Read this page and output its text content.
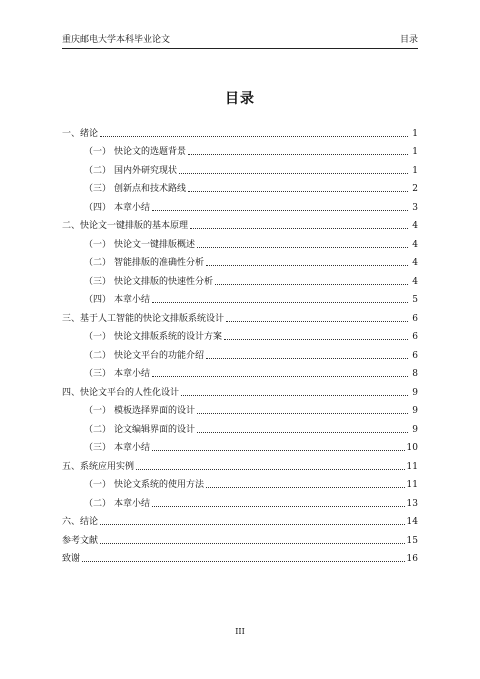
重庆邮电大学本科毕业论文	目录
目录
一、绪论	1
（一） 快论文的选题背景	1
（二） 国内外研究现状	1
（三） 创新点和技术路线	2
（四） 本章小结	3
二、快论文一键排版的基本原理	4
（一） 快论文一键排版概述	4
（二） 智能排版的准确性分析	4
（三） 快论文排版的快速性分析	4
（四） 本章小结	5
三、基于人工智能的快论文排版系统设计	6
（一） 快论文排版系统的设计方案	6
（二） 快论文平台的功能介绍	6
（三） 本章小结	8
四、快论文平台的人性化设计	9
（一） 模板选择界面的设计	9
（二） 论文编辑界面的设计	9
（三） 本章小结	10
五、系统应用实例	11
（一） 快论文系统的使用方法	11
（二） 本章小结	13
六、结论	14
参考文献	15
致谢	16
III
